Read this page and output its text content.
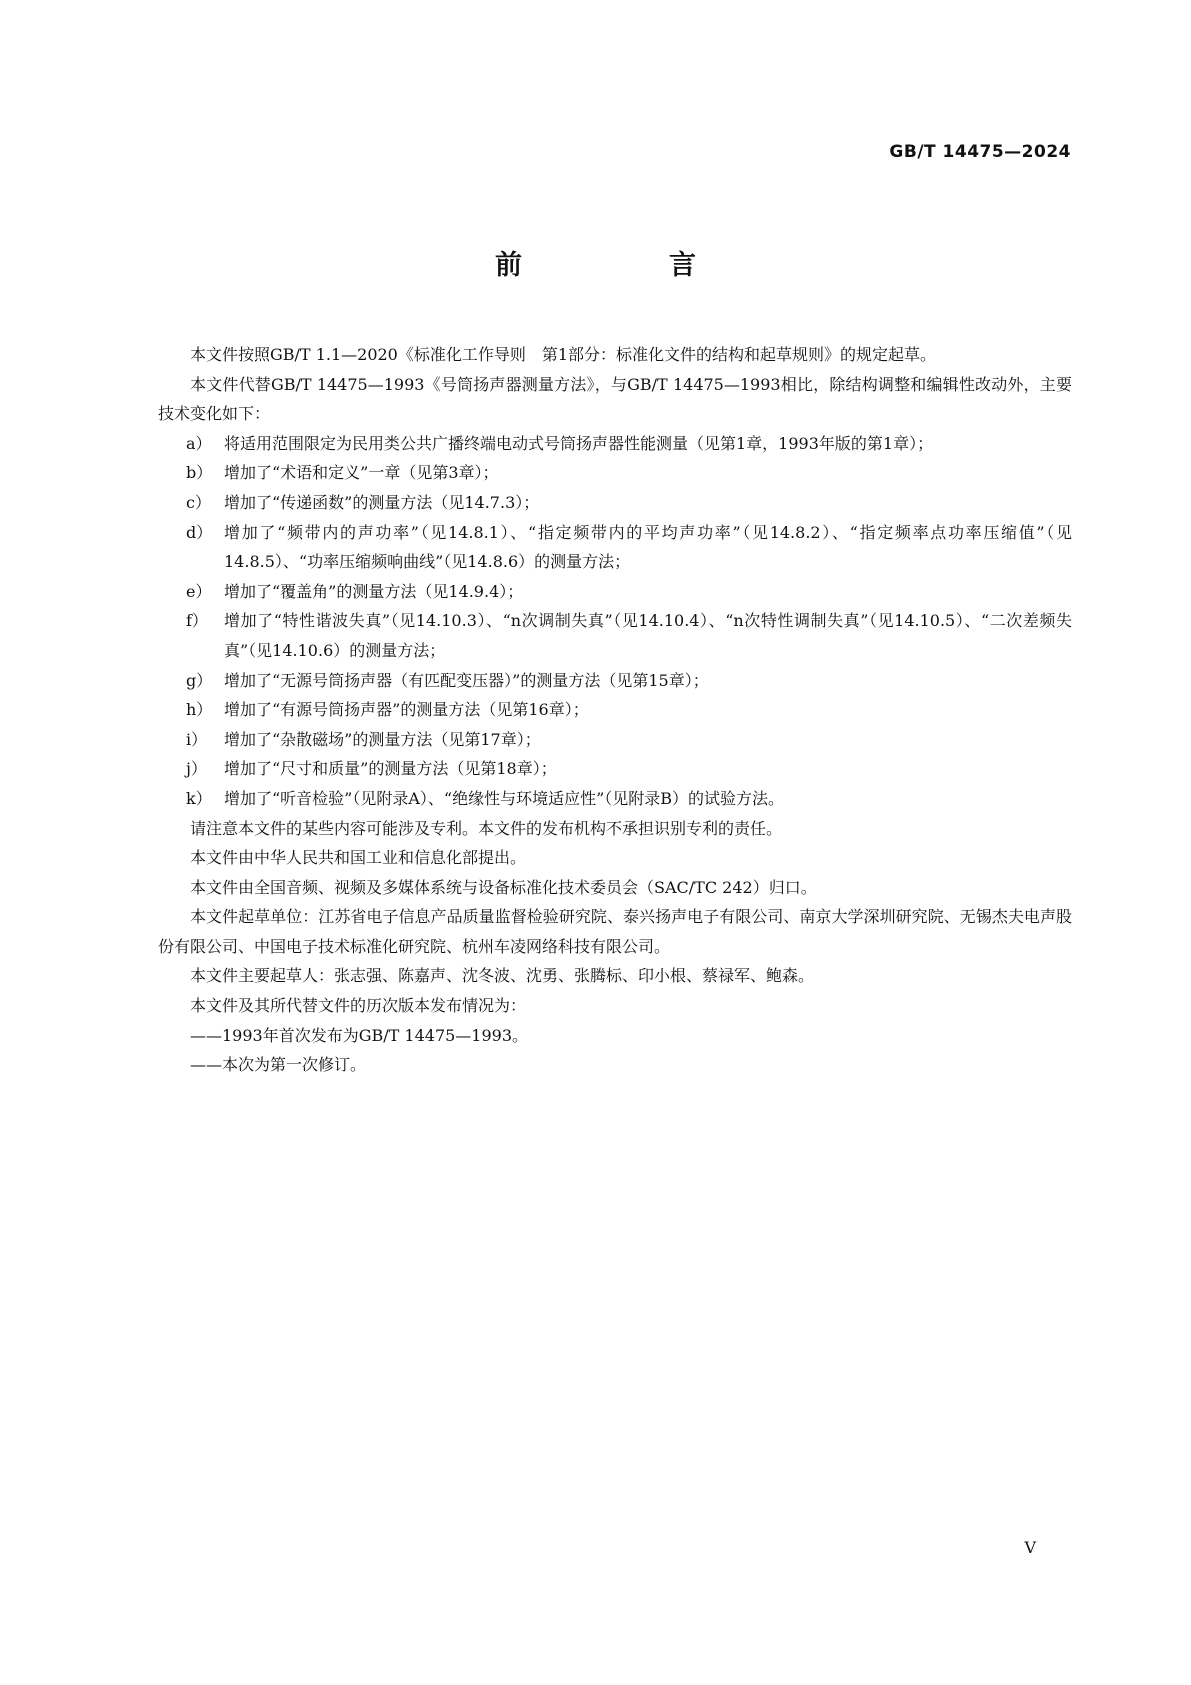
GB/T 14475—2024
前　言

本文件按照GB/T 1.1—2020《标准化工作导则　第1部分：标准化文件的结构和起草规则》的规定起草。

本文件代替GB/T 14475—1993《号筒扬声器测量方法》，与GB/T 14475—1993相比，除结构调整和编辑性改动外，主要技术变化如下：

a） 将适用范围限定为民用类公共广播终端电动式号筒扬声器性能测量（见第1章，1993年版的第1章）；
b） 增加了“术语和定义”一章（见第3章）；
c） 增加了“传递函数”的测量方法（见14.7.3）；
d） 增加了“频带内的声功率”（见14.8.1）、“指定频带内的平均声功率”（见14.8.2）、“指定频率点功率压缩值”（见14.8.5）、“功率压缩频响曲线”（见14.8.6）的测量方法；
e） 增加了“覆盖角”的测量方法（见14.9.4）；
f） 增加了“特性谐波失真”（见14.10.3）、“n次调制失真”（见14.10.4）、“n次特性调制失真”（见14.10.5）、“二次差频失真”（见14.10.6）的测量方法；
g） 增加了“无源号筒扬声器（有匹配变压器）”的测量方法（见第15章）；
h） 增加了“有源号筒扬声器”的测量方法（见第16章）；
i） 增加了“杂散磁场”的测量方法（见第17章）；
j） 增加了“尺寸和质量”的测量方法（见第18章）；
k） 增加了“听音检验”（见附录A）、“绝缘性与环境适应性”（见附录B）的试验方法。

请注意本文件的某些内容可能涉及专利。本文件的发布机构不承担识别专利的责任。

本文件由中华人民共和国工业和信息化部提出。

本文件由全国音频、视频及多媒体系统与设备标准化技术委员会（SAC/TC 242）归口。

本文件起草单位：江苏省电子信息产品质量监督检验研究院、泰兴扬声电子有限公司、南京大学深圳研究院、无锡杰夫电声股份有限公司、中国电子技术标准化研究院、杭州车凌网络科技有限公司。

本文件主要起草人：张志强、陈嘉声、沈冬波、沈勇、张腾标、印小根、蔡禄军、鲍森。

本文件及其所代替文件的历次版本发布情况为：

——1993年首次发布为GB/T 14475—1993。

——本次为第一次修订。

V
